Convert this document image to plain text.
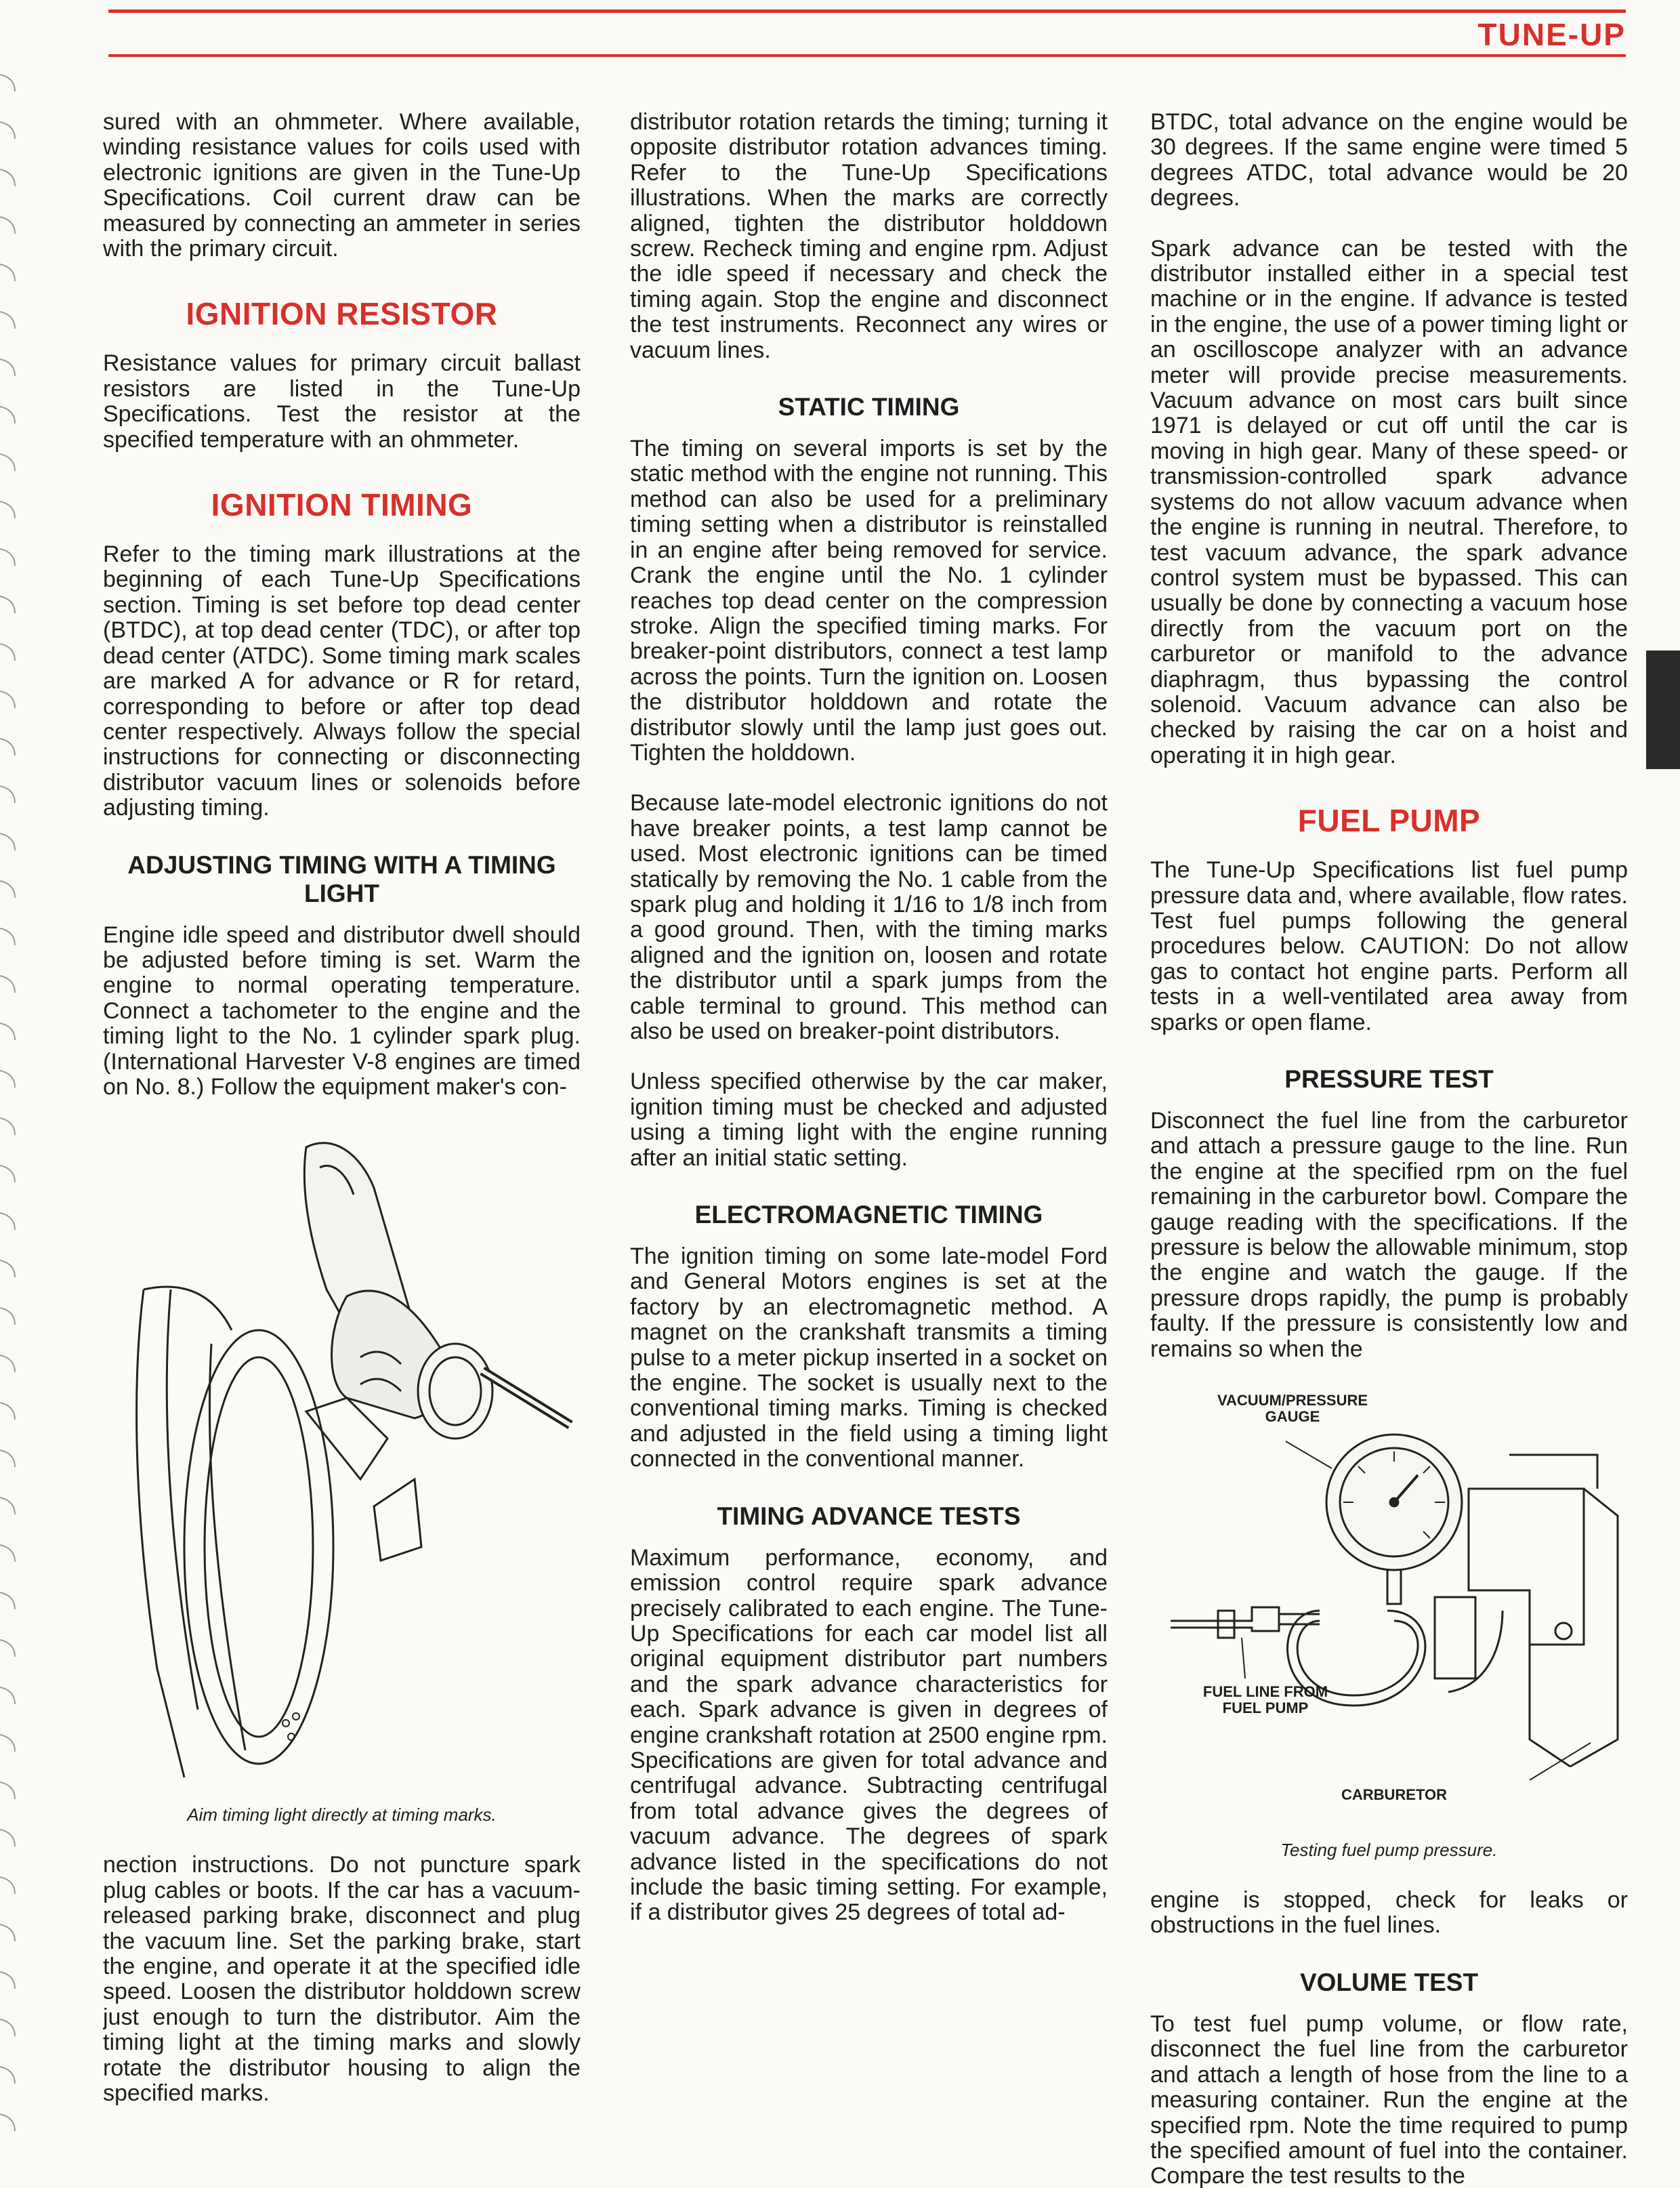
TUNE-UP

sured with an ohmmeter. Where available, winding resistance values for coils used with electronic ignitions are given in the Tune-Up Specifications. Coil current draw can be measured by connecting an ammeter in series with the primary circuit.

IGNITION RESISTOR

Resistance values for primary circuit ballast resistors are listed in the Tune-Up Specifications. Test the resistor at the specified temperature with an ohmmeter.

IGNITION TIMING

Refer to the timing mark illustrations at the beginning of each Tune-Up Specifications section. Timing is set before top dead center (BTDC), at top dead center (TDC), or after top dead center (ATDC). Some timing mark scales are marked A for advance or R for retard, corresponding to before or after top dead center respectively. Always follow the special instructions for connecting or disconnecting distributor vacuum lines or solenoids before adjusting timing.

ADJUSTING TIMING WITH A TIMING LIGHT

Engine idle speed and distributor dwell should be adjusted before timing is set. Warm the engine to normal operating temperature. Connect a tachometer to the engine and the timing light to the No. 1 cylinder spark plug. (International Harvester V-8 engines are timed on No. 8.) Follow the equipment maker's con-

Aim timing light directly at timing marks.

nection instructions. Do not puncture spark plug cables or boots. If the car has a vacuum-released parking brake, disconnect and plug the vacuum line. Set the parking brake, start the engine, and operate it at the specified idle speed. Loosen the distributor holddown screw just enough to turn the distributor. Aim the timing light at the timing marks and slowly rotate the distributor housing to align the specified marks.

distributor rotation retards the timing; turning it opposite distributor rotation advances timing. Refer to the Tune-Up Specifications illustrations. When the marks are correctly aligned, tighten the distributor holddown screw. Recheck timing and engine rpm. Adjust the idle speed if necessary and check the timing again. Stop the engine and disconnect the test instruments. Reconnect any wires or vacuum lines.

STATIC TIMING

The timing on several imports is set by the static method with the engine not running. This method can also be used for a preliminary timing setting when a distributor is reinstalled in an engine after being removed for service. Crank the engine until the No. 1 cylinder reaches top dead center on the compression stroke. Align the specified timing marks. For breaker-point distributors, connect a test lamp across the points. Turn the ignition on. Loosen the distributor holddown and rotate the distributor slowly until the lamp just goes out. Tighten the holddown.

Because late-model electronic ignitions do not have breaker points, a test lamp cannot be used. Most electronic ignitions can be timed statically by removing the No. 1 cable from the spark plug and holding it 1/16 to 1/8 inch from a good ground. Then, with the timing marks aligned and the ignition on, loosen and rotate the distributor until a spark jumps from the cable terminal to ground. This method can also be used on breaker-point distributors.

Unless specified otherwise by the car maker, ignition timing must be checked and adjusted using a timing light with the engine running after an initial static setting.

ELECTROMAGNETIC TIMING

The ignition timing on some late-model Ford and General Motors engines is set at the factory by an electromagnetic method. A magnet on the crankshaft transmits a timing pulse to a meter pickup inserted in a socket on the engine. The socket is usually next to the conventional timing marks. Timing is checked and adjusted in the field using a timing light connected in the conventional manner.

TIMING ADVANCE TESTS

Maximum performance, economy, and emission control require spark advance precisely calibrated to each engine. The Tune-Up Specifications for each car model list all original equipment distributor part numbers and the spark advance characteristics for each. Spark advance is given in degrees of engine crankshaft rotation at 2500 engine rpm. Specifications are given for total advance and centrifugal advance. Subtracting centrifugal from total advance gives the degrees of vacuum advance. The degrees of spark advance listed in the specifications do not include the basic timing setting. For example, if a distributor gives 25 degrees of total ad-

BTDC, total advance on the engine would be 30 degrees. If the same engine were timed 5 degrees ATDC, total advance would be 20 degrees.

Spark advance can be tested with the distributor installed either in a special test machine or in the engine. If advance is tested in the engine, the use of a power timing light or an oscilloscope analyzer with an advance meter will provide precise measurements. Vacuum advance on most cars built since 1971 is delayed or cut off until the car is moving in high gear. Many of these speed- or transmission-controlled spark advance systems do not allow vacuum advance when the engine is running in neutral. Therefore, to test vacuum advance, the spark advance control system must be bypassed. This can usually be done by connecting a vacuum hose directly from the vacuum port on the carburetor or manifold to the advance diaphragm, thus bypassing the control solenoid. Vacuum advance can also be checked by raising the car on a hoist and operating it in high gear.

FUEL PUMP

The Tune-Up Specifications list fuel pump pressure data and, where available, flow rates. Test fuel pumps following the general procedures below. CAUTION: Do not allow gas to contact hot engine parts. Perform all tests in a well-ventilated area away from sparks or open flame.

PRESSURE TEST

Disconnect the fuel line from the carburetor and attach a pressure gauge to the line. Run the engine at the specified rpm on the fuel remaining in the carburetor bowl. Compare the gauge reading with the specifications. If the pressure is below the allowable minimum, stop the engine and watch the gauge. If the pressure drops rapidly, the pump is probably faulty. If the pressure is consistently low and remains so when the

VACUUM/PRESSURE GAUGE
FUEL LINE FROM FUEL PUMP
CARBURETOR
Testing fuel pump pressure.

engine is stopped, check for leaks or obstructions in the fuel lines.

VOLUME TEST

To test fuel pump volume, or flow rate, disconnect the fuel line from the carburetor and attach a length of hose from the line to a measuring container. Run the engine at the specified rpm. Note the time required to pump the specified amount of fuel into the container. Compare the test results to the
